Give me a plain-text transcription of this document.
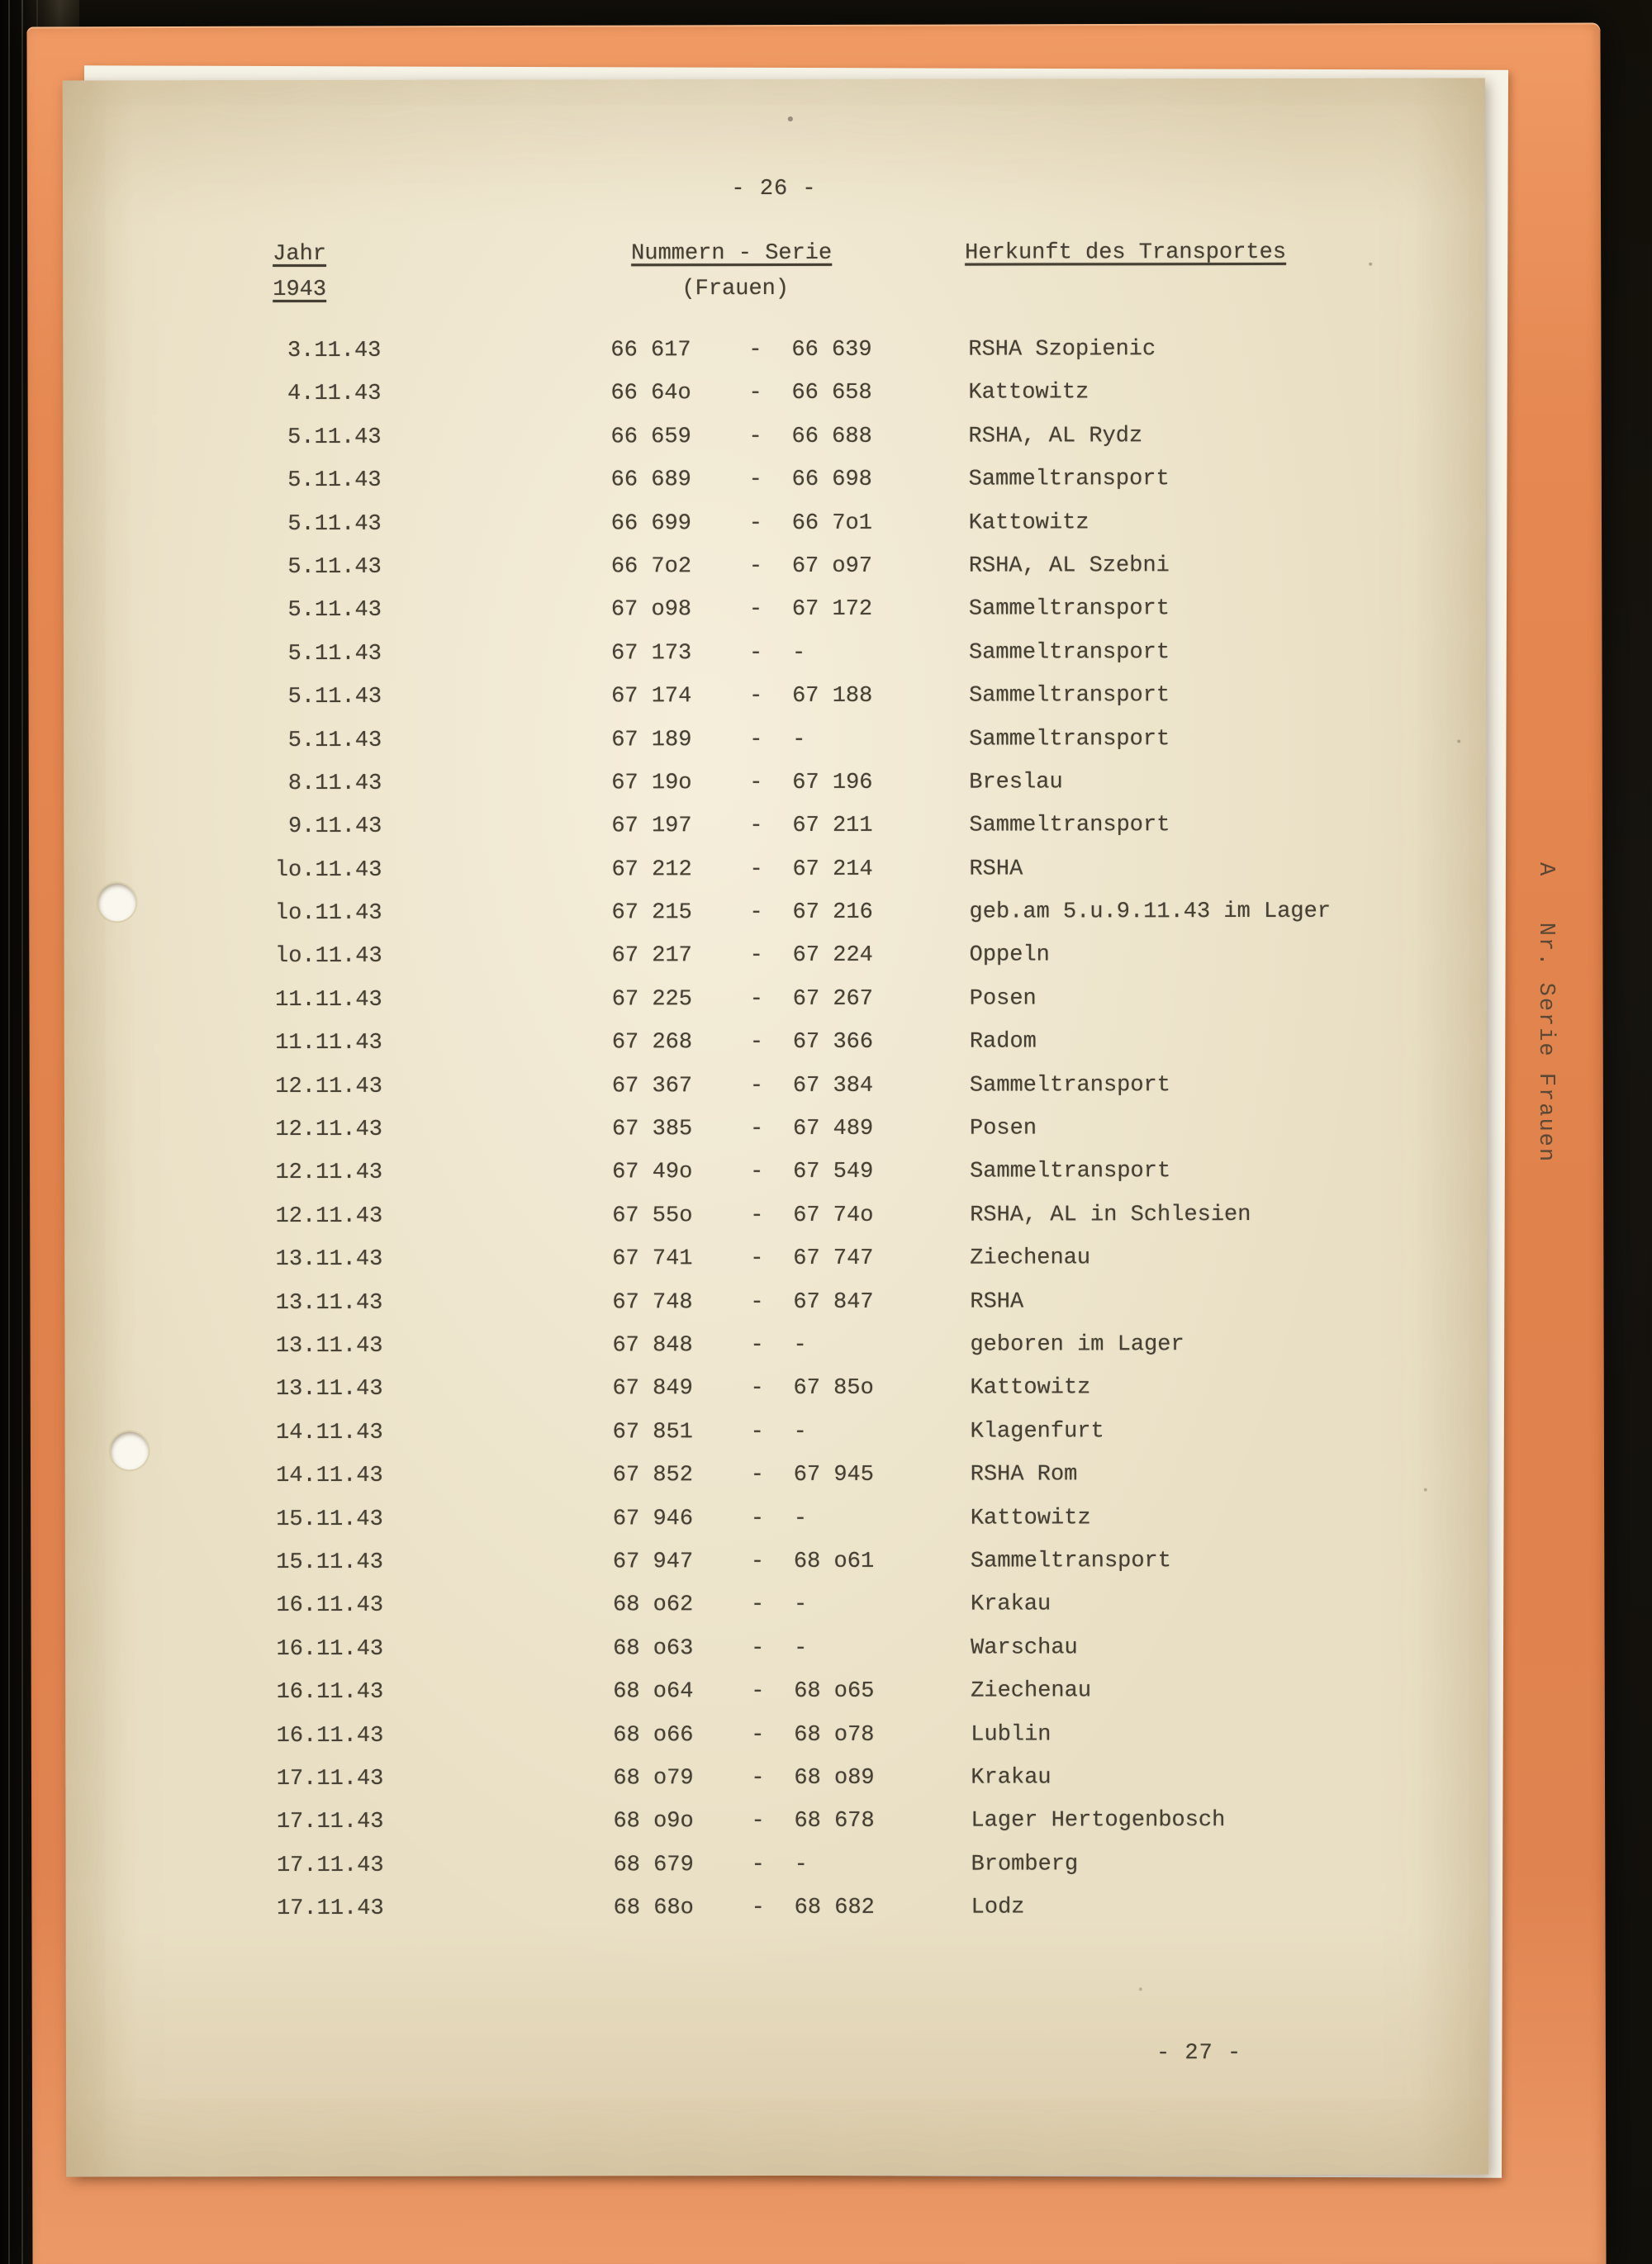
A   Nr. Serie Frauen
- 26 -
Jahr
1943
Nummern - Serie
(Frauen)
Herkunft des Transportes
3.11.43	66 617	- 66 639	RSHA Szopienic
4.11.43	66 64o	- 66 658	Kattowitz
5.11.43	66 659	- 66 688	RSHA, AL Rydz
5.11.43	66 689	- 66 698	Sammeltransport
5.11.43	66 699	- 66 7o1	Kattowitz
5.11.43	66 7o2	- 67 o97	RSHA, AL Szebni
5.11.43	67 o98	- 67 172	Sammeltransport
5.11.43	67 173	- -	Sammeltransport
5.11.43	67 174	- 67 188	Sammeltransport
5.11.43	67 189	- -	Sammeltransport
8.11.43	67 19o	- 67 196	Breslau
9.11.43	67 197	- 67 211	Sammeltransport
lo.11.43	67 212	- 67 214	RSHA
lo.11.43	67 215	- 67 216	geb.am 5.u.9.11.43 im Lager
lo.11.43	67 217	- 67 224	Oppeln
11.11.43	67 225	- 67 267	Posen
11.11.43	67 268	- 67 366	Radom
12.11.43	67 367	- 67 384	Sammeltransport
12.11.43	67 385	- 67 489	Posen
12.11.43	67 49o	- 67 549	Sammeltransport
12.11.43	67 55o	- 67 74o	RSHA, AL in Schlesien
13.11.43	67 741	- 67 747	Ziechenau
13.11.43	67 748	- 67 847	RSHA
13.11.43	67 848	- -	geboren im Lager
13.11.43	67 849	- 67 85o	Kattowitz
14.11.43	67 851	- -	Klagenfurt
14.11.43	67 852	- 67 945	RSHA Rom
15.11.43	67 946	- -	Kattowitz
15.11.43	67 947	- 68 o61	Sammeltransport
16.11.43	68 o62	- -	Krakau
16.11.43	68 o63	- -	Warschau
16.11.43	68 o64	- 68 o65	Ziechenau
16.11.43	68 o66	- 68 o78	Lublin
17.11.43	68 o79	- 68 o89	Krakau
17.11.43	68 o9o	- 68 678	Lager Hertogenbosch
17.11.43	68 679	- -	Bromberg
17.11.43	68 68o	- 68 682	Lodz
- 27 -
